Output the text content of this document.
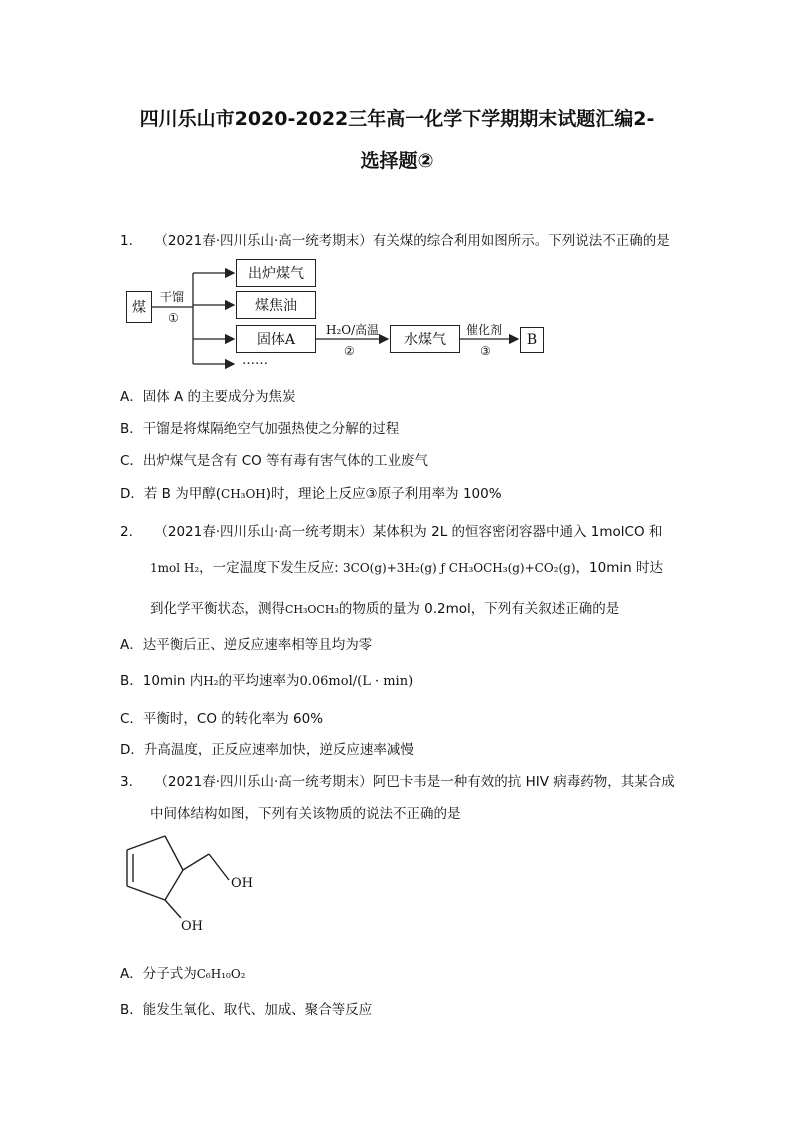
四川乐山市2020-2022三年高一化学下学期期末试题汇编2-
选择题②
1. （2021春·四川乐山·高一统考期末）有关煤的综合利用如图所示。下列说法不正确的是
煤
干馏
①
出炉煤气
煤焦油
固体A
……
H₂O/高温
②
水煤气
催化剂
③
B
A．固体 A 的主要成分为焦炭
B．干馏是将煤隔绝空气加强热使之分解的过程
C．出炉煤气是含有 CO 等有毒有害气体的工业废气
D．若 B 为甲醇(CH₃OH)时，理论上反应③原子利用率为 100%
2. （2021春·四川乐山·高一统考期末）某体积为 2L 的恒容密闭容器中通入 1molCO 和
1mol H₂，一定温度下发生反应: 3CO(g)+3H₂(g) ƒ CH₃OCH₃(g)+CO₂(g)，10min 时达
到化学平衡状态，测得CH₃OCH₃的物质的量为 0.2mol，下列有关叙述正确的是
A．达平衡后正、逆反应速率相等且均为零
B．10min 内H₂的平均速率为0.06mol/(L · min)
C．平衡时，CO 的转化率为 60%
D．升高温度，正反应速率加快，逆反应速率减慢
3. （2021春·四川乐山·高一统考期末）阿巴卡韦是一种有效的抗 HIV 病毒药物，其某合成
中间体结构如图，下列有关该物质的说法不正确的是
OH
OH
A．分子式为C₆H₁₀O₂
B．能发生氧化、取代、加成、聚合等反应
